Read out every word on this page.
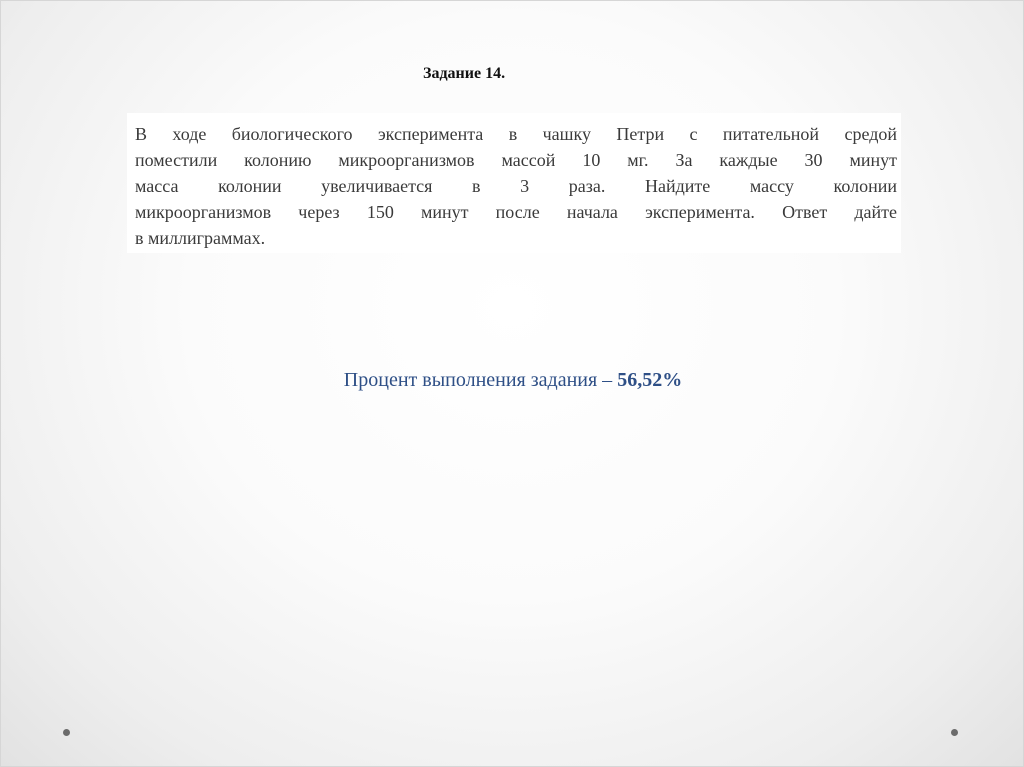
Задание 14.
В ходе биологического эксперимента в чашку Петри с питательной средой
поместили колонию микроорганизмов массой 10 мг. За каждые 30 минут
масса колонии увеличивается в 3 раза. Найдите массу колонии
микроорганизмов через 150 минут после начала эксперимента. Ответ дайте
в миллиграммах.
Процент выполнения задания – 56,52%
